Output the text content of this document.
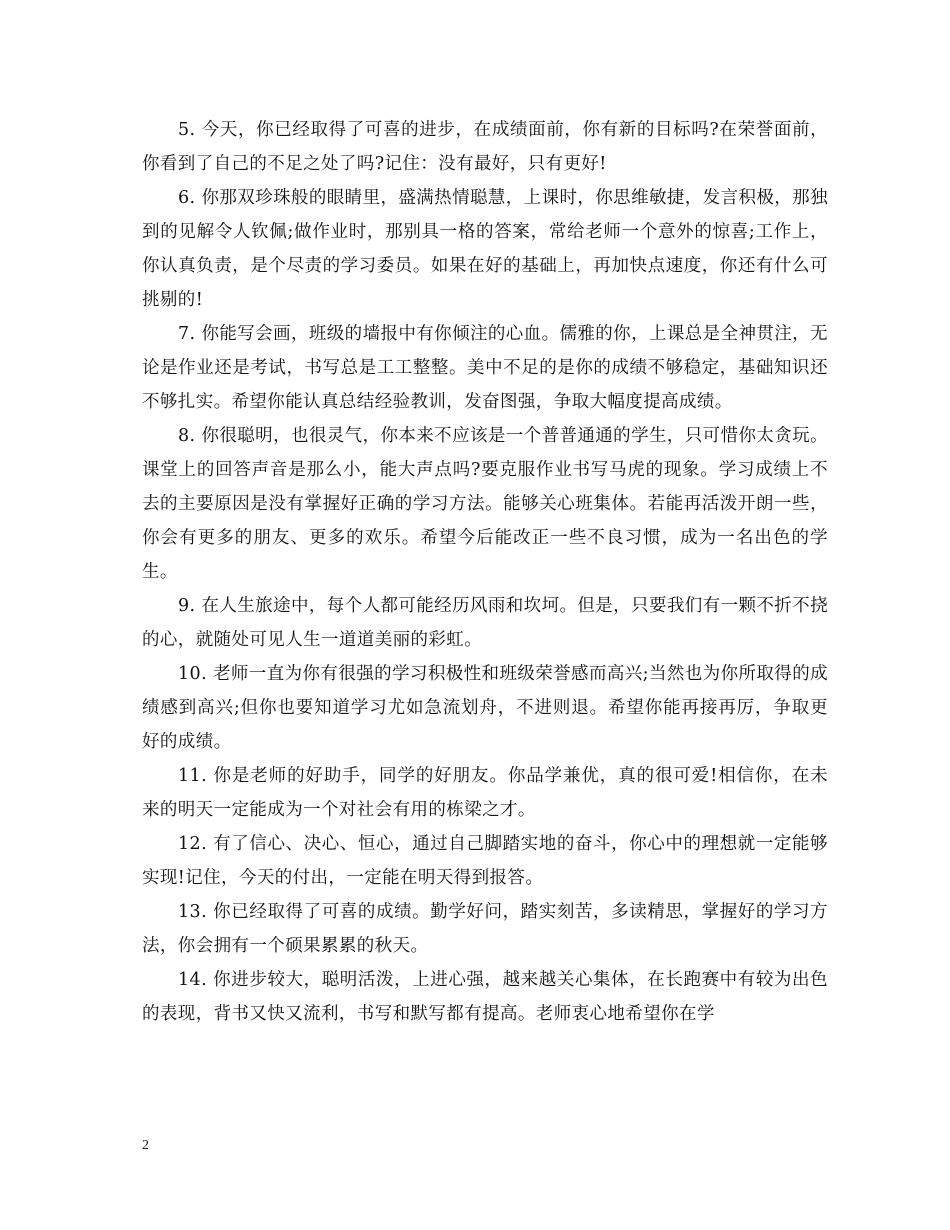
5. 今天，你已经取得了可喜的进步，在成绩面前，你有新的目标吗?在荣誉面前，你看到了自己的不足之处了吗?记住：没有最好，只有更好!

6. 你那双珍珠般的眼睛里，盛满热情聪慧，上课时，你思维敏捷，发言积极，那独到的见解令人钦佩;做作业时，那别具一格的答案，常给老师一个意外的惊喜;工作上，你认真负责，是个尽责的学习委员。如果在好的基础上，再加快点速度，你还有什么可挑剔的!

7. 你能写会画，班级的墙报中有你倾注的心血。儒雅的你，上课总是全神贯注，无论是作业还是考试，书写总是工工整整。美中不足的是你的成绩不够稳定，基础知识还不够扎实。希望你能认真总结经验教训，发奋图强，争取大幅度提高成绩。

8. 你很聪明，也很灵气，你本来不应该是一个普普通通的学生，只可惜你太贪玩。课堂上的回答声音是那么小，能大声点吗?要克服作业书写马虎的现象。学习成绩上不去的主要原因是没有掌握好正确的学习方法。能够关心班集体。若能再活泼开朗一些，你会有更多的朋友、更多的欢乐。希望今后能改正一些不良习惯，成为一名出色的学生。

9. 在人生旅途中，每个人都可能经历风雨和坎坷。但是，只要我们有一颗不折不挠的心，就随处可见人生一道道美丽的彩虹。

10. 老师一直为你有很强的学习积极性和班级荣誉感而高兴;当然也为你所取得的成绩感到高兴;但你也要知道学习尤如急流划舟，不进则退。希望你能再接再厉，争取更好的成绩。

11. 你是老师的好助手，同学的好朋友。你品学兼优，真的很可爱!相信你，在未来的明天一定能成为一个对社会有用的栋梁之才。

12. 有了信心、决心、恒心，通过自己脚踏实地的奋斗，你心中的理想就一定能够实现!记住，今天的付出，一定能在明天得到报答。

13. 你已经取得了可喜的成绩。勤学好问，踏实刻苦，多读精思，掌握好的学习方法，你会拥有一个硕果累累的秋天。

14. 你进步较大，聪明活泼，上进心强，越来越关心集体，在长跑赛中有较为出色的表现，背书又快又流利，书写和默写都有提高。老师衷心地希望你在学

2
